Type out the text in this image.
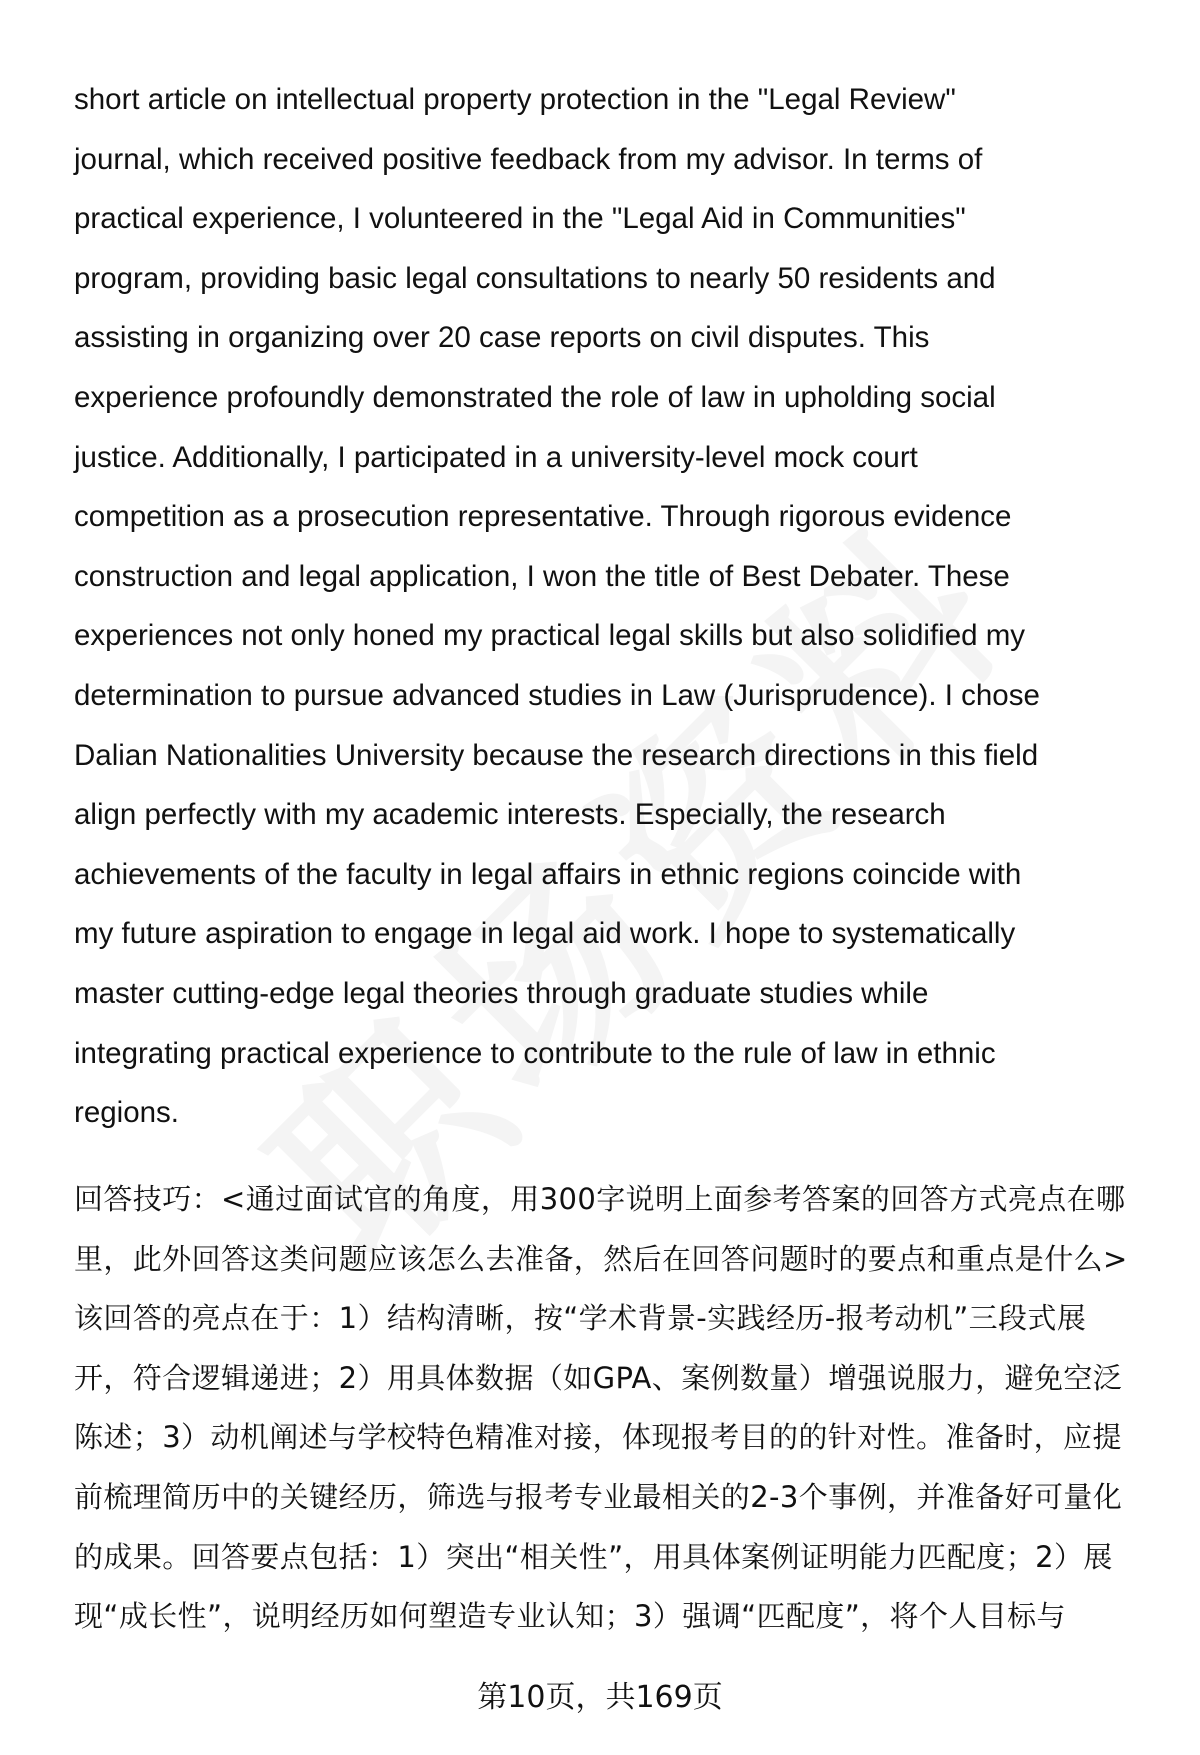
short article on intellectual property protection in the "Legal Review"
journal, which received positive feedback from my advisor. In terms of
practical experience, I volunteered in the "Legal Aid in Communities"
program, providing basic legal consultations to nearly 50 residents and
assisting in organizing over 20 case reports on civil disputes. This
experience profoundly demonstrated the role of law in upholding social
justice. Additionally, I participated in a university-level mock court
competition as a prosecution representative. Through rigorous evidence
construction and legal application, I won the title of Best Debater. These
experiences not only honed my practical legal skills but also solidified my
determination to pursue advanced studies in Law (Jurisprudence). I chose
Dalian Nationalities University because the research directions in this field
align perfectly with my academic interests. Especially, the research
achievements of the faculty in legal affairs in ethnic regions coincide with
my future aspiration to engage in legal aid work. I hope to systematically
master cutting-edge legal theories through graduate studies while
integrating practical experience to contribute to the rule of law in ethnic
regions.
回答技巧：<通过面试官的角度，用300字说明上面参考答案的回答方式亮点在哪
里，此外回答这类问题应该怎么去准备，然后在回答问题时的要点和重点是什么>
该回答的亮点在于：1）结构清晰，按“学术背景-实践经历-报考动机”三段式展
开，符合逻辑递进；2）用具体数据（如GPA、案例数量）增强说服力，避免空泛
陈述；3）动机阐述与学校特色精准对接，体现报考目的的针对性。准备时，应提
前梳理简历中的关键经历，筛选与报考专业最相关的2-3个事例，并准备好可量化
的成果。回答要点包括：1）突出“相关性”，用具体案例证明能力匹配度；2）展
现“成长性”，说明经历如何塑造专业认知；3）强调“匹配度”，将个人目标与
第10页，共169页
